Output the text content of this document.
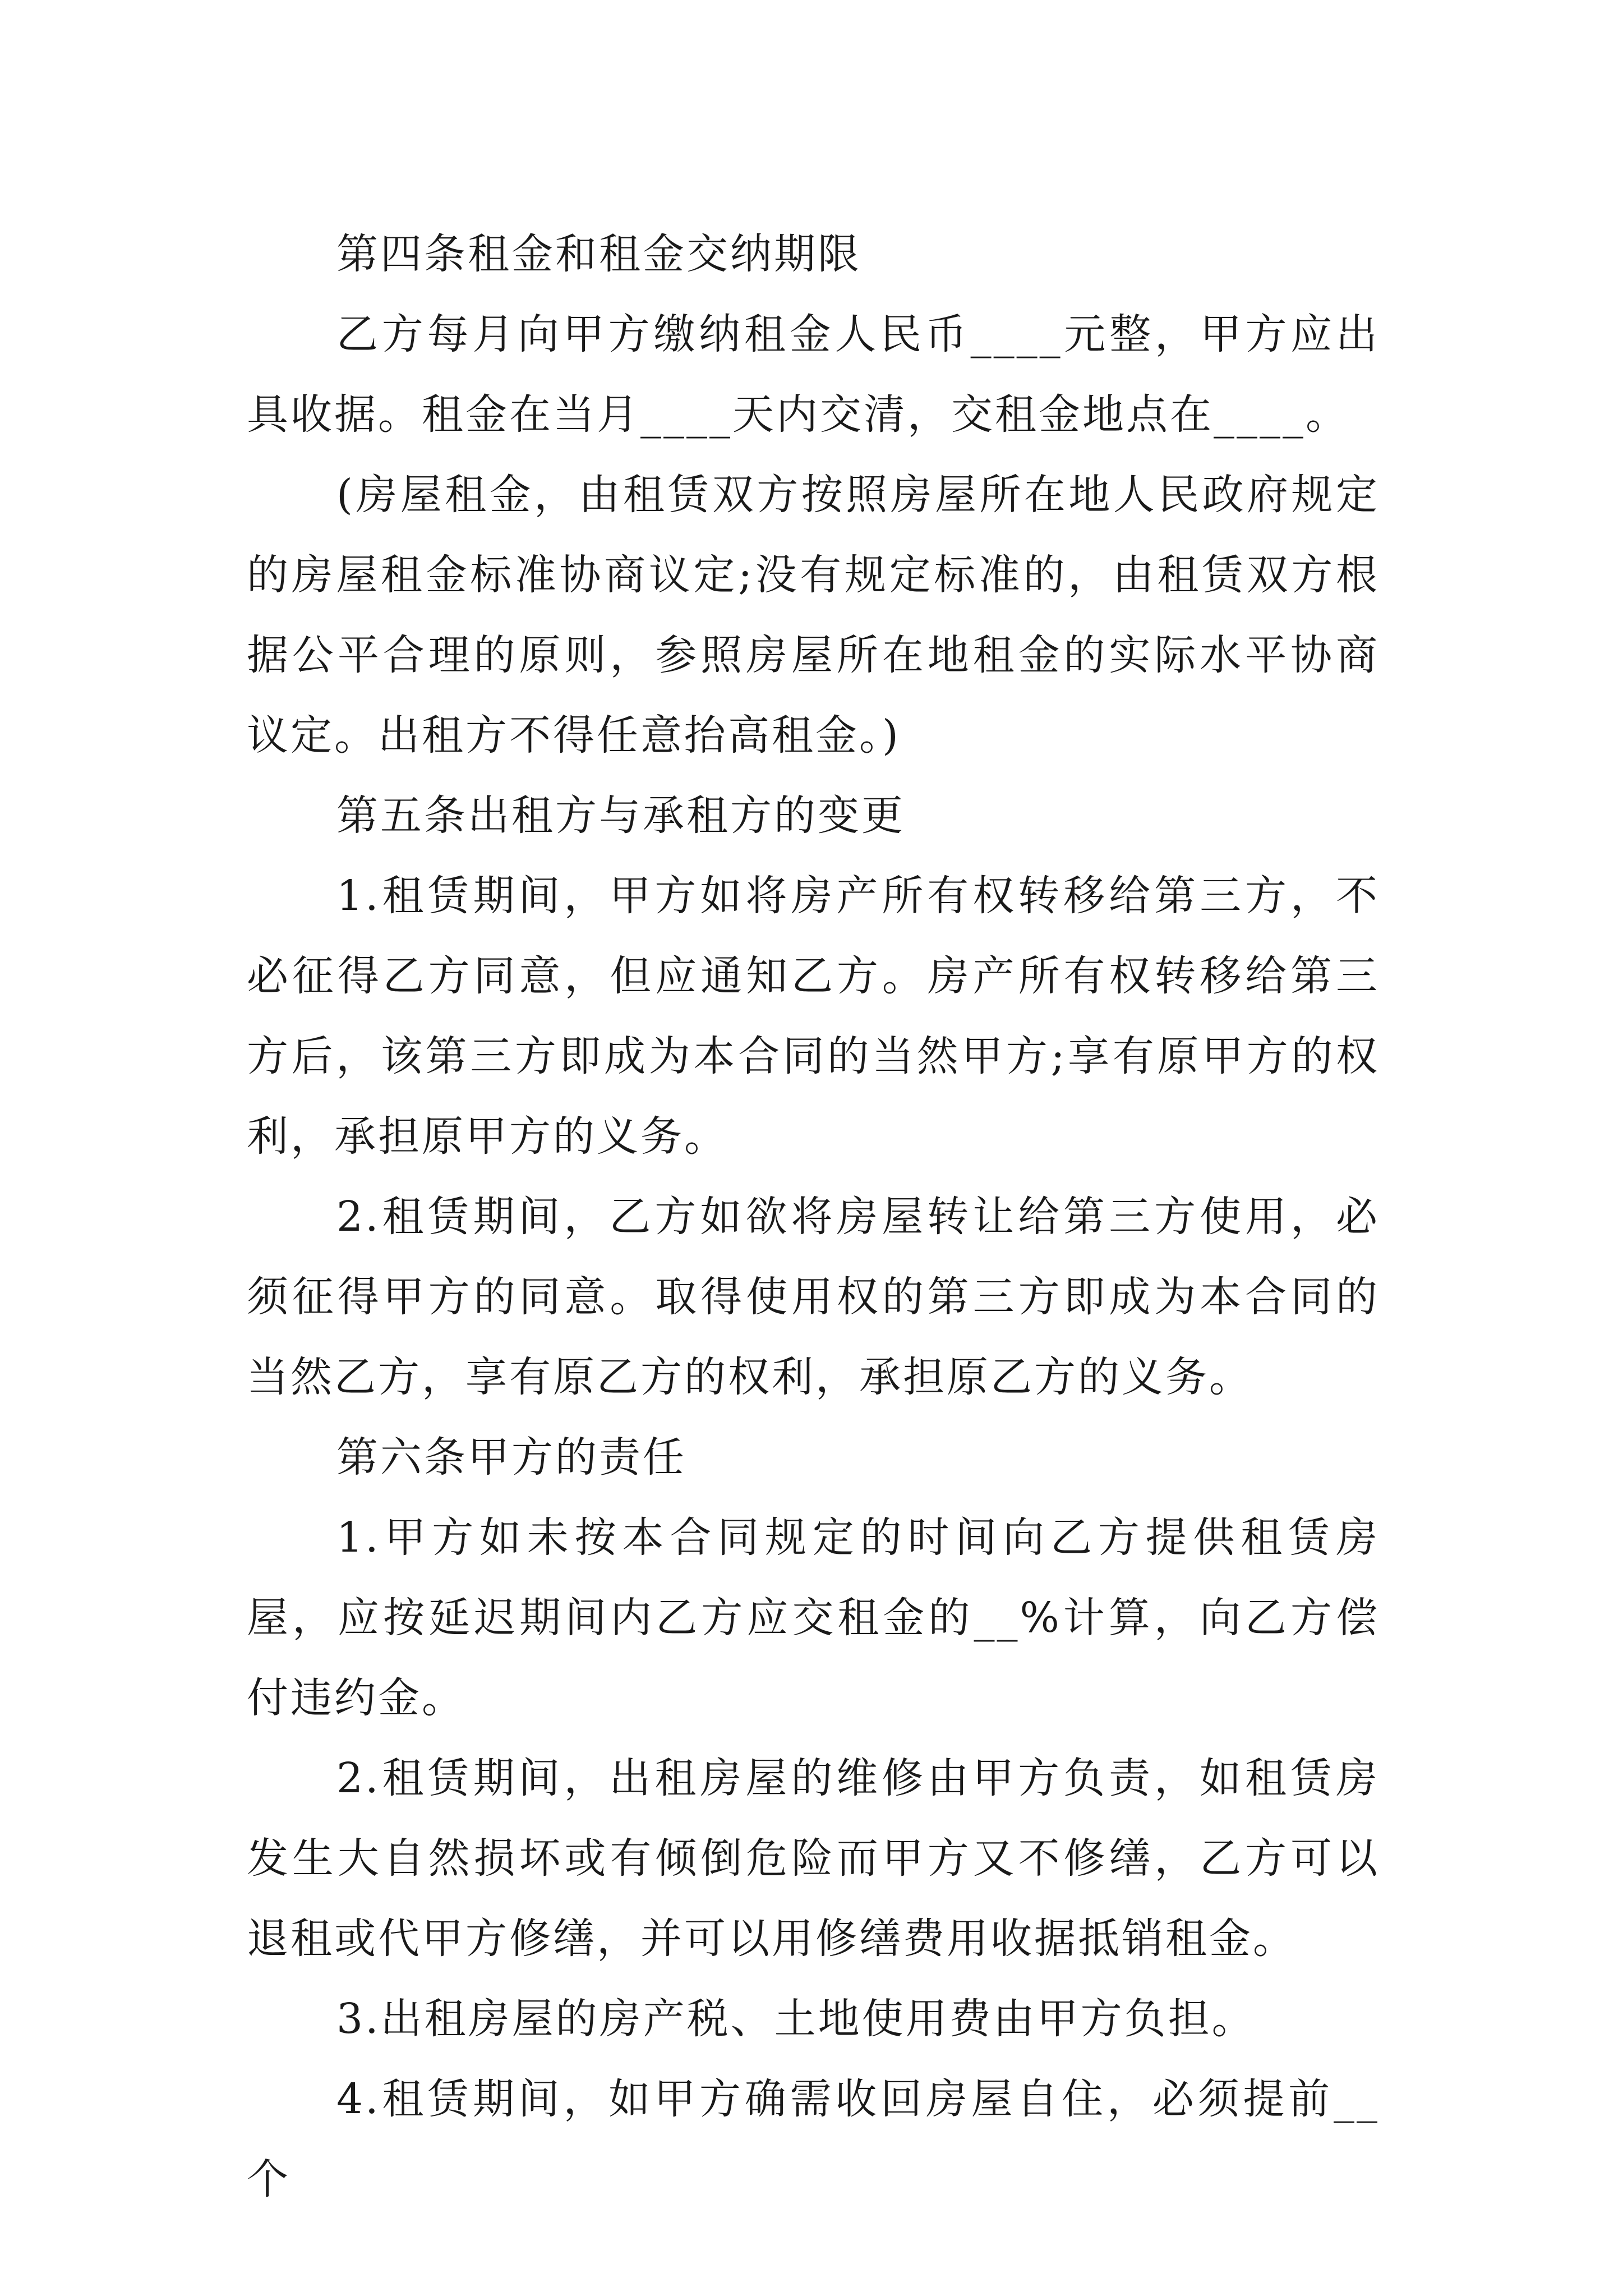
第四条租金和租金交纳期限

乙方每月向甲方缴纳租金人民币____元整，甲方应出具收据。租金在当月____天内交清，交租金地点在____。

(房屋租金，由租赁双方按照房屋所在地人民政府规定的房屋租金标准协商议定;没有规定标准的，由租赁双方根据公平合理的原则，参照房屋所在地租金的实际水平协商议定。出租方不得任意抬高租金。)

第五条出租方与承租方的变更

1.租赁期间，甲方如将房产所有权转移给第三方，不必征得乙方同意，但应通知乙方。房产所有权转移给第三方后，该第三方即成为本合同的当然甲方;享有原甲方的权利，承担原甲方的义务。

2.租赁期间，乙方如欲将房屋转让给第三方使用，必须征得甲方的同意。取得使用权的第三方即成为本合同的当然乙方，享有原乙方的权利，承担原乙方的义务。

第六条甲方的责任

1.甲方如未按本合同规定的时间向乙方提供租赁房屋，应按延迟期间内乙方应交租金的__%计算，向乙方偿付违约金。

2.租赁期间，出租房屋的维修由甲方负责，如租赁房发生大自然损坏或有倾倒危险而甲方又不修缮，乙方可以退租或代甲方修缮，并可以用修缮费用收据抵销租金。

3.出租房屋的房产税、土地使用费由甲方负担。

4.租赁期间，如甲方确需收回房屋自住，必须提前__个
